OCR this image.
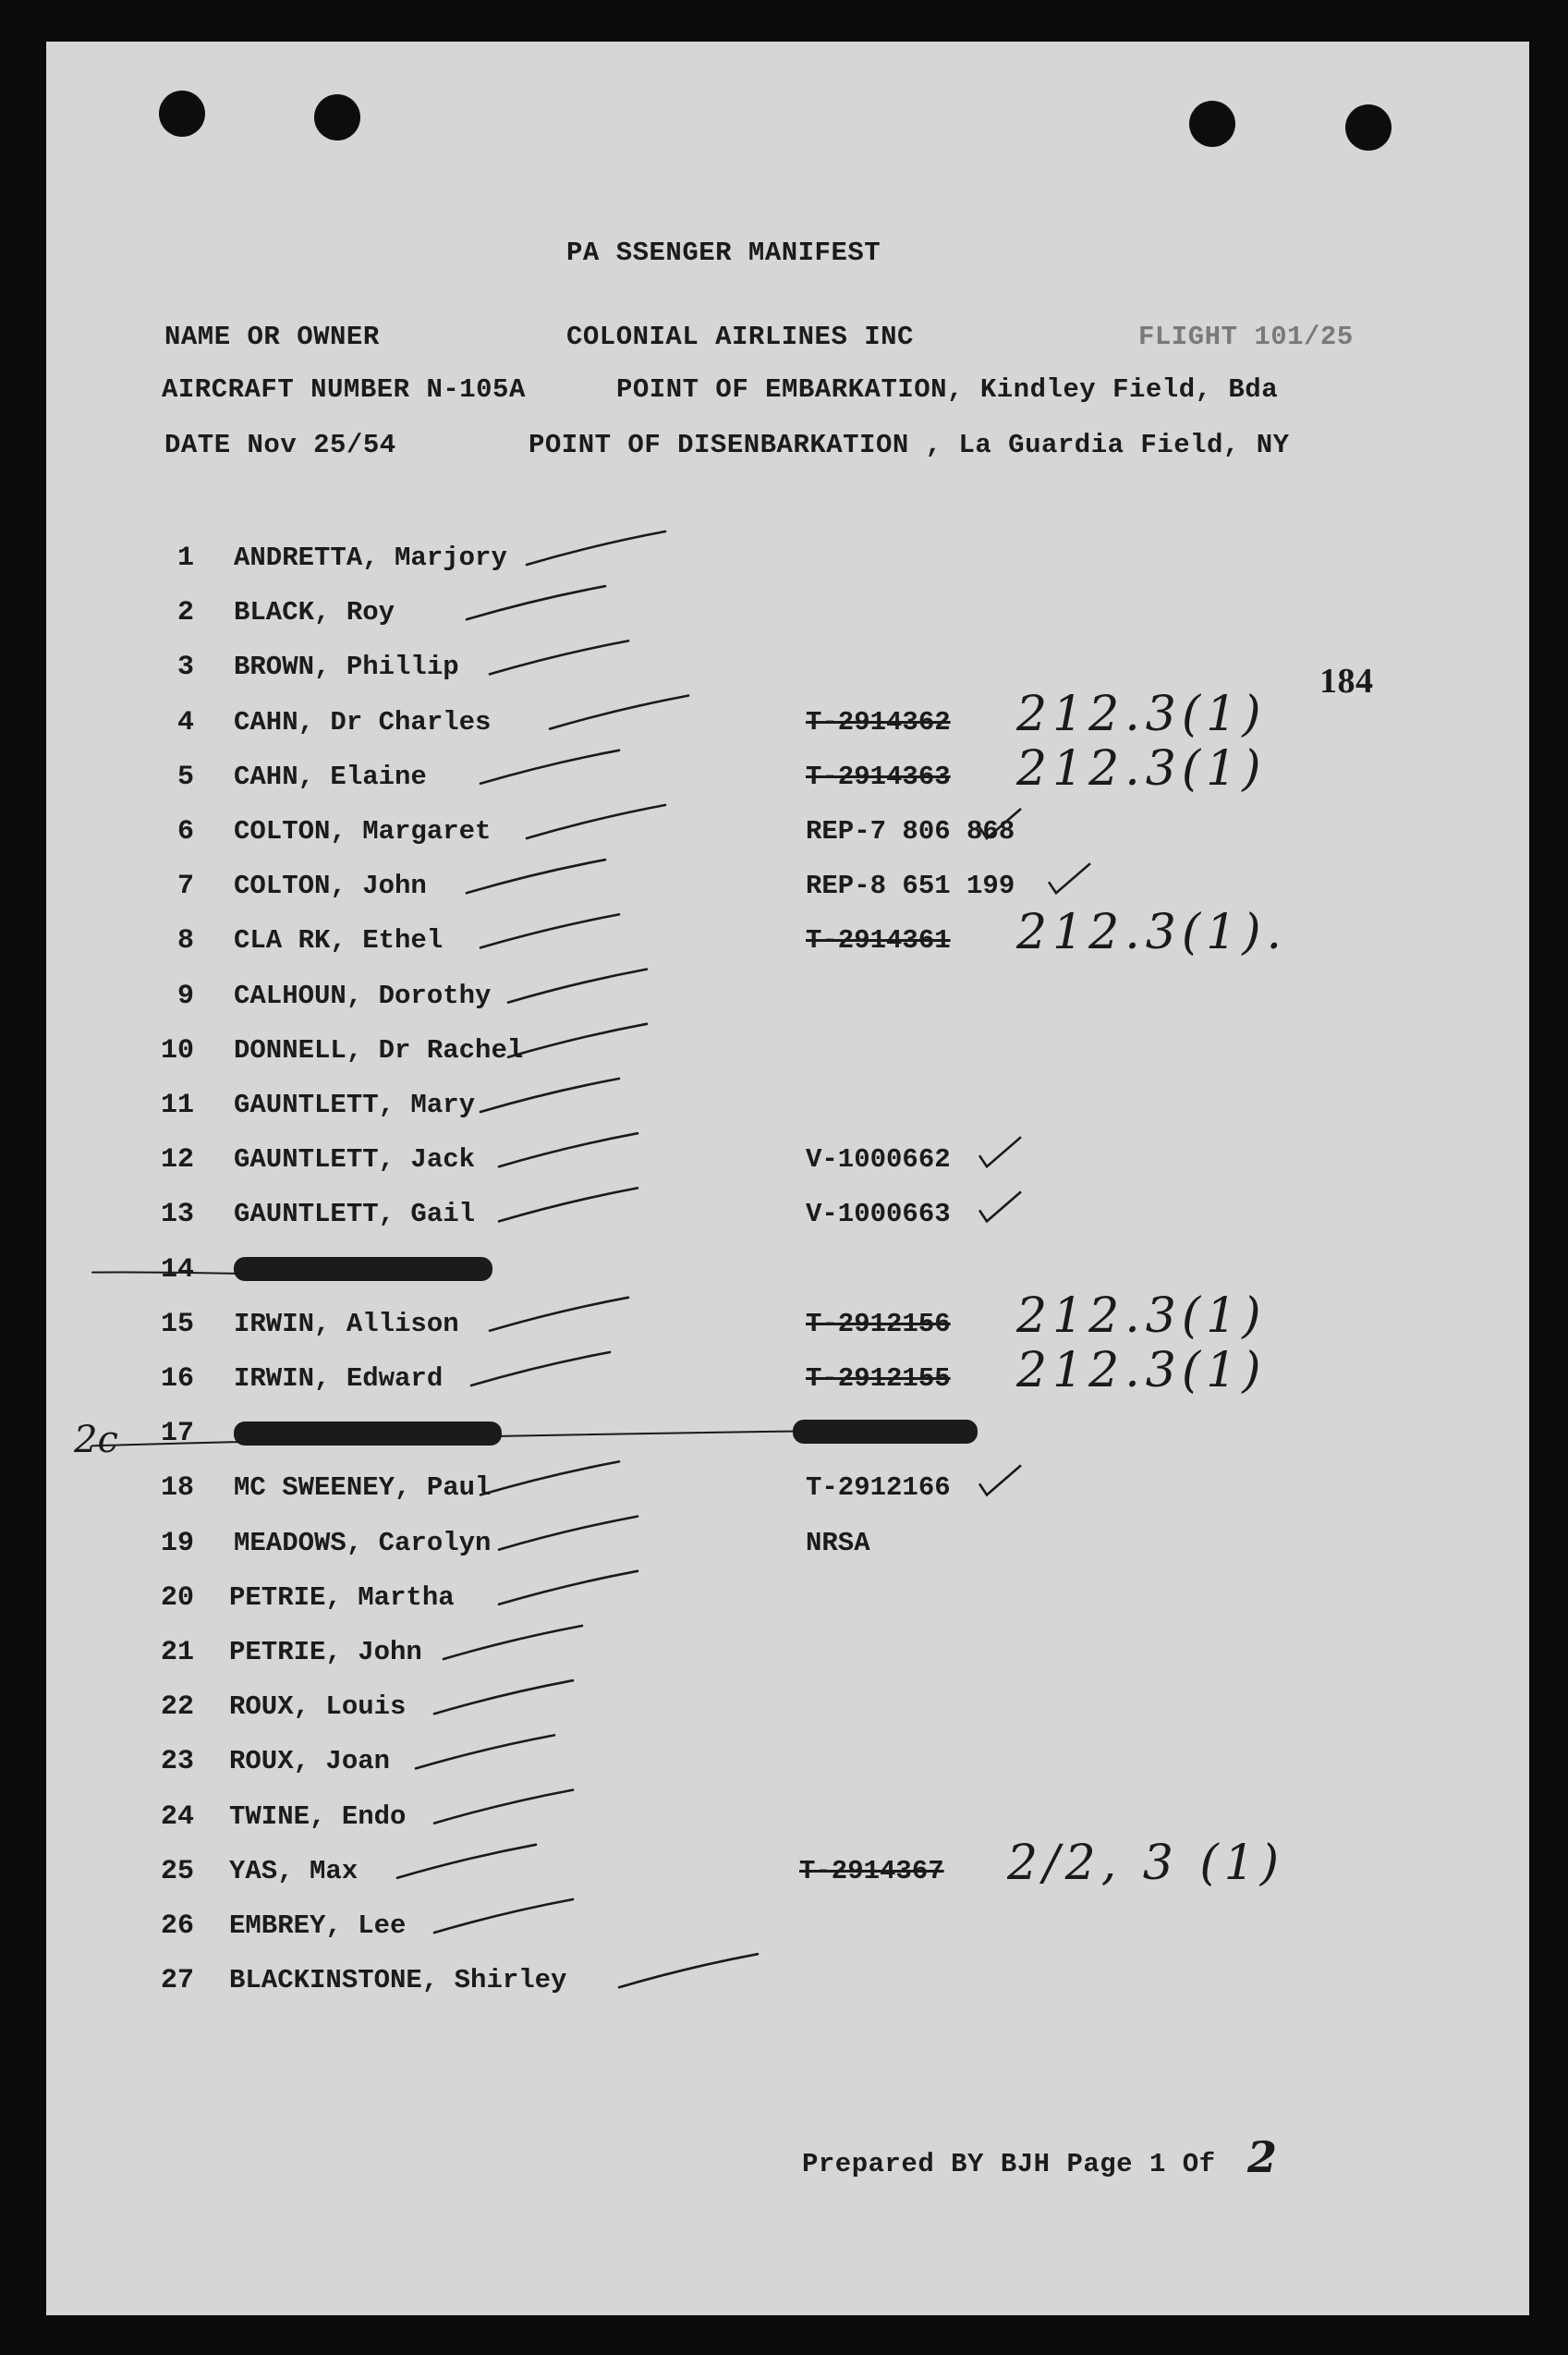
PA SSENGER MANIFEST
NAME OR OWNER	COLONIAL AIRLINES INC	FLIGHT 101/25
AIRCRAFT NUMBER N-105A	POINT OF EMBARKATION, Kindley Field, Bda
DATE Nov 25/54	POINT OF DISENBARKATION , La Guardia Field, NY
184
2c
1 ANDRETTA, Marjory
2 BLACK, Roy
3 BROWN, Phillip
4 CAHN, Dr Charles	T-2914362 212.3(1)
5 CAHN, Elaine	T-2914363 212.3(1)
6 COLTON, Margaret	REP-7 806 868
7 COLTON, John	REP-8 651 199
8 CLA RK, Ethel	T-2914361 212.3(1).
9 CALHOUN, Dorothy
10 DONNELL, Dr Rachel
11 GAUNTLETT, Mary
12 GAUNTLETT, Jack	V-1000662
13 GAUNTLETT, Gail	V-1000663
14
15 IRWIN, Allison	T-2912156 212.3(1)
16 IRWIN, Edward	T-2912155 212.3(1)
17
18 MC SWEENEY, Paul	T-2912166
19 MEADOWS, Carolyn	NRSA
20 PETRIE, Martha
21 PETRIE, John
22 ROUX, Louis
23 ROUX, Joan
24 TWINE, Endo
25 YAS, Max	T-2914367 2/2, 3 (1)
26 EMBREY, Lee
27 BLACKINSTONE, Shirley
Prepared BY BJH Page 1 Of 2
